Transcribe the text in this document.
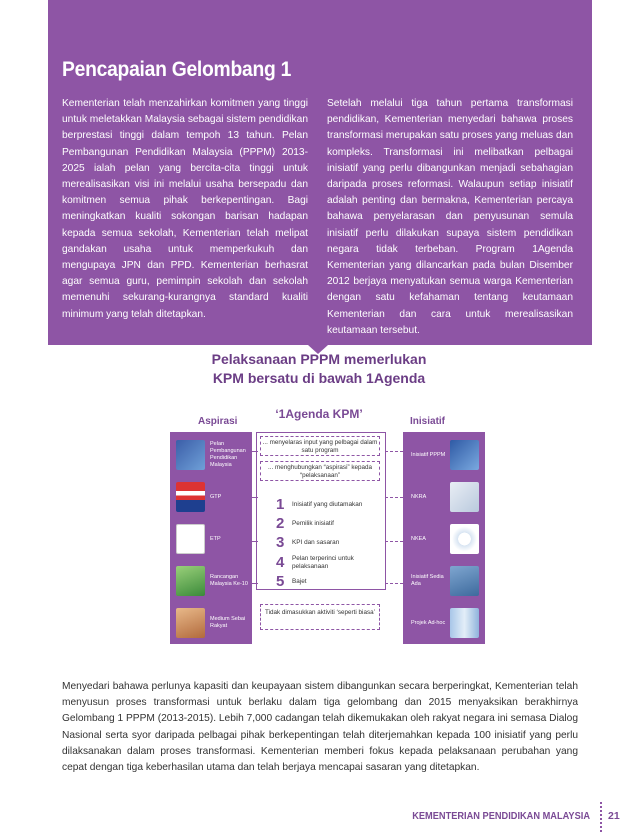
Pencapaian Gelombang 1

Kementerian telah menzahirkan komitmen yang tinggi untuk meletakkan Malaysia sebagai sistem pendidikan berprestasi tinggi dalam tempoh 13 tahun. Pelan Pembangunan Pendidikan Malaysia (PPPM) 2013-2025 ialah pelan yang bercita-cita tinggi untuk merealisasikan visi ini melalui usaha bersepadu dan komitmen semua pihak berkepentingan. Bagi meningkatkan kualiti sokongan barisan hadapan kepada semua sekolah, Kementerian telah melipat gandakan usaha untuk memperkukuh dan mengupaya JPN dan PPD. Kementerian berhasrat agar semua guru, pemimpin sekolah dan sekolah memenuhi sekurang-kurangnya standard kualiti minimum yang telah ditetapkan.

Setelah melalui tiga tahun pertama transformasi pendidikan, Kementerian menyedari bahawa proses transformasi merupakan satu proses yang meluas dan kompleks. Transformasi ini melibatkan pelbagai inisiatif yang perlu dibangunkan menjadi sebahagian daripada proses reformasi. Walaupun setiap inisiatif adalah penting dan bermakna, Kementerian percaya bahawa penyelarasan dan penyusunan semula inisiatif perlu dilakukan supaya sistem pendidikan negara tidak terbeban. Program 1Agenda Kementerian yang dilancarkan pada bulan Disember 2012 berjaya menyatukan semua warga Kementerian dengan satu kefahaman tentang keutamaan Kementerian dan cara untuk merealisasikan keutamaan tersebut.

Pelaksanaan PPPM memerlukan
KPM bersatu di bawah 1Agenda
Aspirasi
‘1Agenda KPM’
Inisiatif
Pelan Pembangunan Pendidikan Malaysia
GTP
ETP
Rancangan Malaysia Ke-10
Medium Sebai Rakyat
Inisiatif PPPM
NKRA
NKEA
Inisiatif Sedia Ada
Projek Ad-hoc
... menyelaras input yang pelbagai dalam satu program
... menghubungkan “aspirasi” kepada “pelaksanaan”
1	Inisiatif yang diutamakan
2	Pemilik inisiatif
3	KPI dan sasaran
4	Pelan terperinci untuk pelaksanaan
5	Bajet
Tidak dimasukkan aktiviti ‘seperti biasa’

Menyedari bahawa perlunya kapasiti dan keupayaan sistem dibangunkan secara berperingkat, Kementerian telah menyusun proses transformasi untuk berlaku dalam tiga gelombang dan 2015 menyaksikan berakhirnya Gelombang 1 PPPM (2013-2015). Lebih 7,000 cadangan telah dikemukakan oleh rakyat negara ini semasa Dialog Nasional serta syor daripada pelbagai pihak berkepentingan telah diterjemahkan kepada 100 inisiatif yang perlu dilaksanakan dalam proses transformasi. Kementerian memberi fokus kepada pelaksanaan perubahan yang cepat dengan tiga keberhasilan utama dan telah berjaya mencapai sasaran yang ditetapkan.

KEMENTERIAN PENDIDIKAN MALAYSIA 21
